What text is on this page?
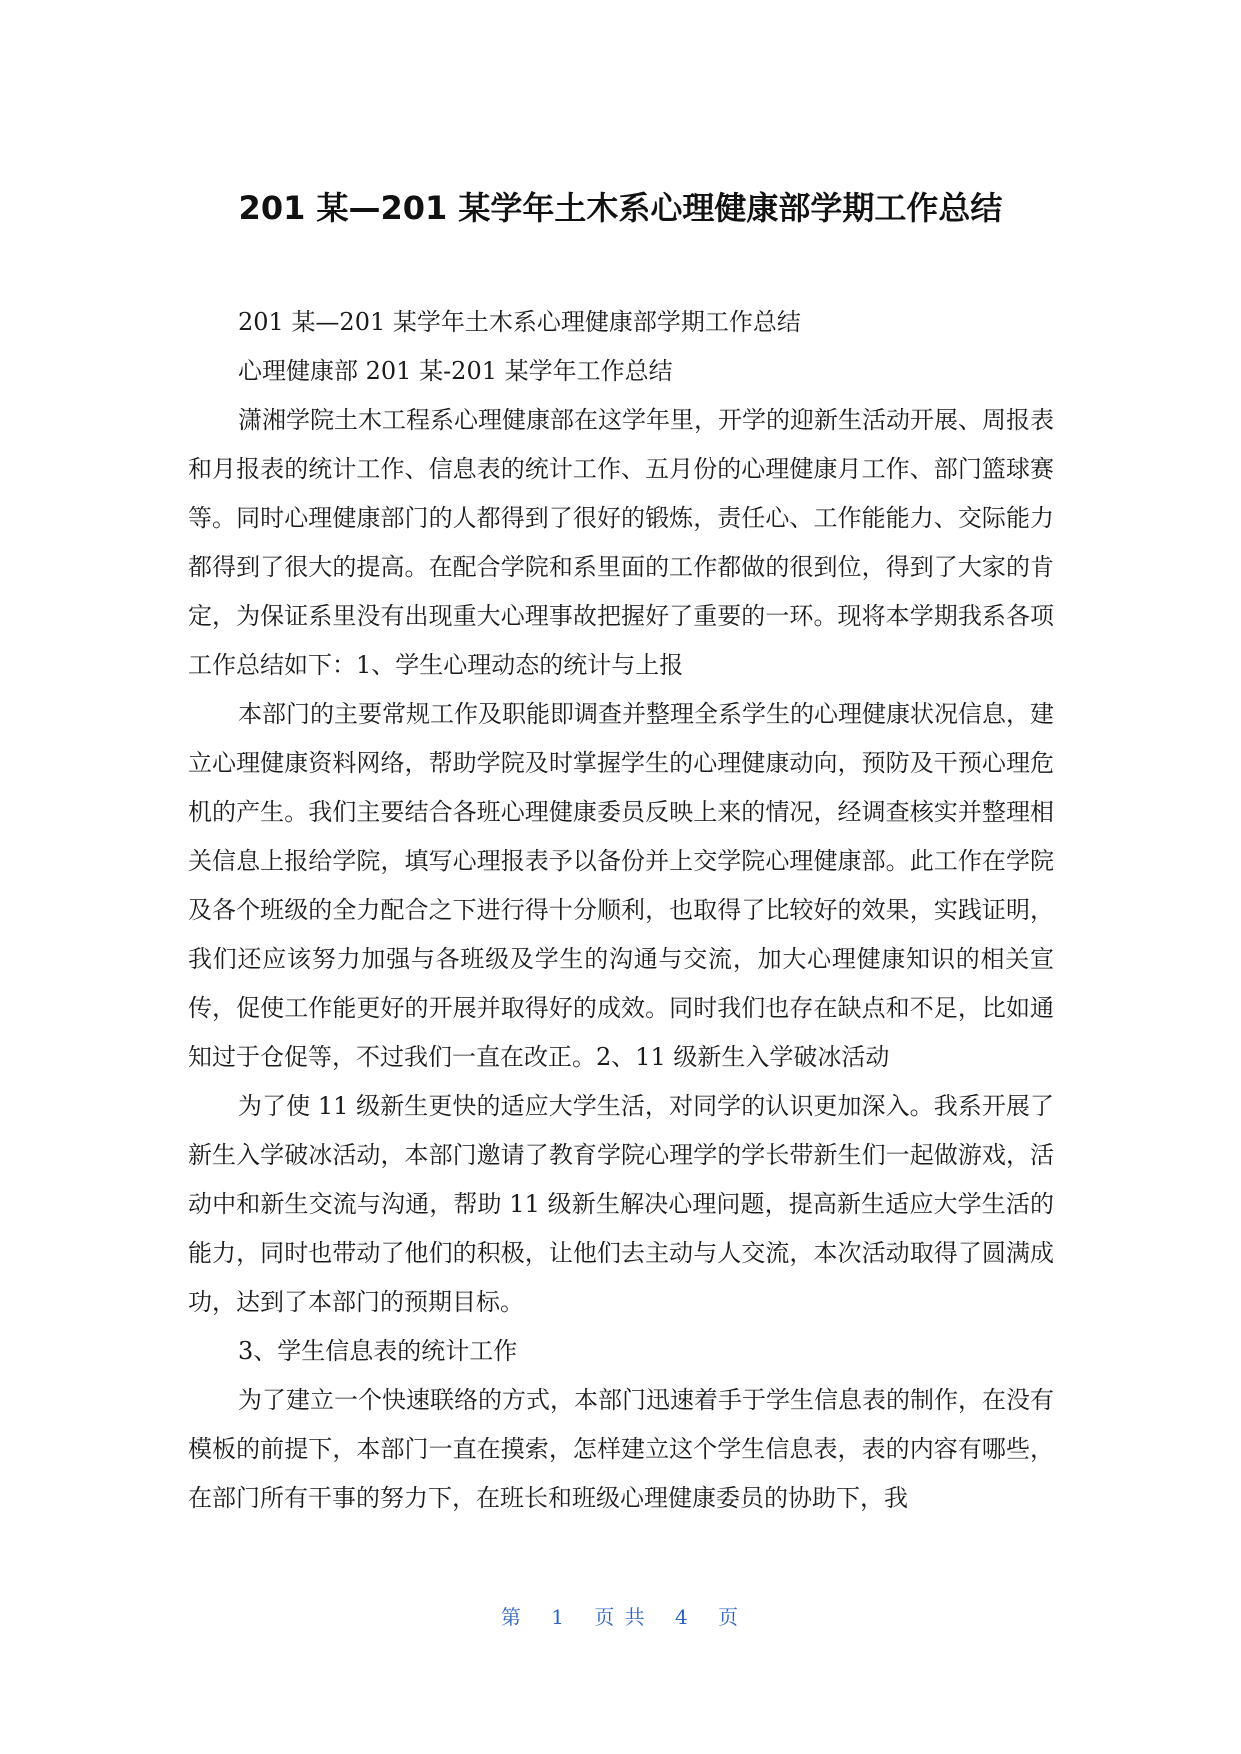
201 某—201 某学年土木系心理健康部学期工作总结

201 某—201 某学年土木系心理健康部学期工作总结

心理健康部 201 某-201 某学年工作总结

潇湘学院土木工程系心理健康部在这学年里，开学的迎新生活动开展、周报表和月报表的统计工作、信息表的统计工作、五月份的心理健康月工作、部门篮球赛等。同时心理健康部门的人都得到了很好的锻炼，责任心、工作能能力、交际能力都得到了很大的提高。在配合学院和系里面的工作都做的很到位，得到了大家的肯定，为保证系里没有出现重大心理事故把握好了重要的一环。现将本学期我系各项工作总结如下：1、学生心理动态的统计与上报

本部门的主要常规工作及职能即调查并整理全系学生的心理健康状况信息，建立心理健康资料网络，帮助学院及时掌握学生的心理健康动向，预防及干预心理危机的产生。我们主要结合各班心理健康委员反映上来的情况，经调查核实并整理相关信息上报给学院，填写心理报表予以备份并上交学院心理健康部。此工作在学院及各个班级的全力配合之下进行得十分顺利，也取得了比较好的效果，实践证明，我们还应该努力加强与各班级及学生的沟通与交流，加大心理健康知识的相关宣传，促使工作能更好的开展并取得好的成效。同时我们也存在缺点和不足，比如通知过于仓促等，不过我们一直在改正。2、11 级新生入学破冰活动

为了使 11 级新生更快的适应大学生活，对同学的认识更加深入。我系开展了新生入学破冰活动，本部门邀请了教育学院心理学的学长带新生们一起做游戏，活动中和新生交流与沟通，帮助 11 级新生解决心理问题，提高新生适应大学生活的能力，同时也带动了他们的积极，让他们去主动与人交流，本次活动取得了圆满成功，达到了本部门的预期目标。

3、学生信息表的统计工作

为了建立一个快速联络的方式，本部门迅速着手于学生信息表的制作，在没有模板的前提下，本部门一直在摸索，怎样建立这个学生信息表，表的内容有哪些，在部门所有干事的努力下，在班长和班级心理健康委员的协助下，我

第 1 页 共 4 页
